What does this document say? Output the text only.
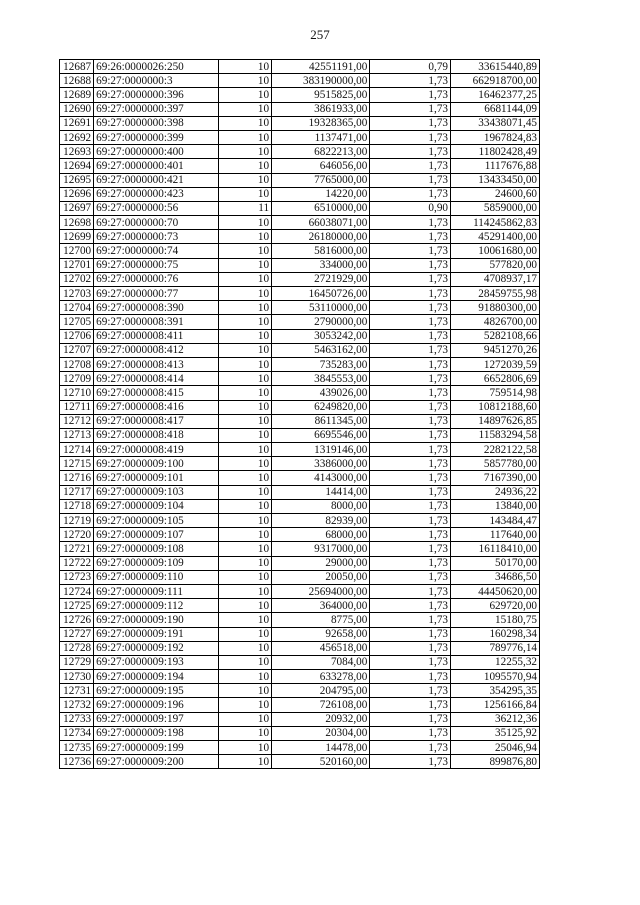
257
12687	69:26:0000026:250	10	42551191,00	0,79	33615440,89
12688	69:27:0000000:3	10	383190000,00	1,73	662918700,00
12689	69:27:0000000:396	10	9515825,00	1,73	16462377,25
12690	69:27:0000000:397	10	3861933,00	1,73	6681144,09
12691	69:27:0000000:398	10	19328365,00	1,73	33438071,45
12692	69:27:0000000:399	10	1137471,00	1,73	1967824,83
12693	69:27:0000000:400	10	6822213,00	1,73	11802428,49
12694	69:27:0000000:401	10	646056,00	1,73	1117676,88
12695	69:27:0000000:421	10	7765000,00	1,73	13433450,00
12696	69:27:0000000:423	10	14220,00	1,73	24600,60
12697	69:27:0000000:56	11	6510000,00	0,90	5859000,00
12698	69:27:0000000:70	10	66038071,00	1,73	114245862,83
12699	69:27:0000000:73	10	26180000,00	1,73	45291400,00
12700	69:27:0000000:74	10	5816000,00	1,73	10061680,00
12701	69:27:0000000:75	10	334000,00	1,73	577820,00
12702	69:27:0000000:76	10	2721929,00	1,73	4708937,17
12703	69:27:0000000:77	10	16450726,00	1,73	28459755,98
12704	69:27:0000008:390	10	53110000,00	1,73	91880300,00
12705	69:27:0000008:391	10	2790000,00	1,73	4826700,00
12706	69:27:0000008:411	10	3053242,00	1,73	5282108,66
12707	69:27:0000008:412	10	5463162,00	1,73	9451270,26
12708	69:27:0000008:413	10	735283,00	1,73	1272039,59
12709	69:27:0000008:414	10	3845553,00	1,73	6652806,69
12710	69:27:0000008:415	10	439026,00	1,73	759514,98
12711	69:27:0000008:416	10	6249820,00	1,73	10812188,60
12712	69:27:0000008:417	10	8611345,00	1,73	14897626,85
12713	69:27:0000008:418	10	6695546,00	1,73	11583294,58
12714	69:27:0000008:419	10	1319146,00	1,73	2282122,58
12715	69:27:0000009:100	10	3386000,00	1,73	5857780,00
12716	69:27:0000009:101	10	4143000,00	1,73	7167390,00
12717	69:27:0000009:103	10	14414,00	1,73	24936,22
12718	69:27:0000009:104	10	8000,00	1,73	13840,00
12719	69:27:0000009:105	10	82939,00	1,73	143484,47
12720	69:27:0000009:107	10	68000,00	1,73	117640,00
12721	69:27:0000009:108	10	9317000,00	1,73	16118410,00
12722	69:27:0000009:109	10	29000,00	1,73	50170,00
12723	69:27:0000009:110	10	20050,00	1,73	34686,50
12724	69:27:0000009:111	10	25694000,00	1,73	44450620,00
12725	69:27:0000009:112	10	364000,00	1,73	629720,00
12726	69:27:0000009:190	10	8775,00	1,73	15180,75
12727	69:27:0000009:191	10	92658,00	1,73	160298,34
12728	69:27:0000009:192	10	456518,00	1,73	789776,14
12729	69:27:0000009:193	10	7084,00	1,73	12255,32
12730	69:27:0000009:194	10	633278,00	1,73	1095570,94
12731	69:27:0000009:195	10	204795,00	1,73	354295,35
12732	69:27:0000009:196	10	726108,00	1,73	1256166,84
12733	69:27:0000009:197	10	20932,00	1,73	36212,36
12734	69:27:0000009:198	10	20304,00	1,73	35125,92
12735	69:27:0000009:199	10	14478,00	1,73	25046,94
12736	69:27:0000009:200	10	520160,00	1,73	899876,80
